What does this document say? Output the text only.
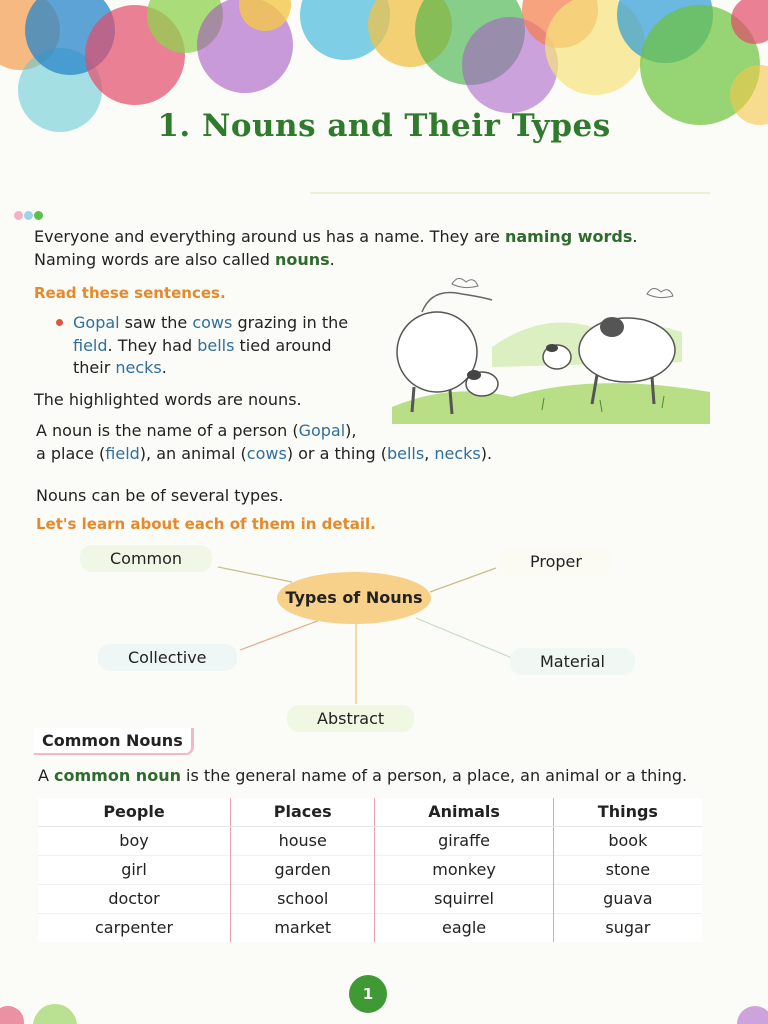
1. Nouns and Their Types
Everyone and everything around us has a name. They are naming words.
Naming words are also called nouns.
Read these sentences.
Gopal saw the cows grazing in the
field. They had bells tied around
their necks.
The highlighted words are nouns.
A noun is the name of a person (Gopal),
a place (field), an animal (cows) or a thing (bells, necks).
Nouns can be of several types.
Let's learn about each of them in detail.
Common	Proper
Types of Nouns
Collective	Material
Abstract
Common Nouns
A common noun is the general name of a person, a place, an animal or a thing.
People	Places	Animals	Things
boy	house	giraffe	book
girl	garden	monkey	stone
doctor	school	squirrel	guava
carpenter	market	eagle	sugar
1
